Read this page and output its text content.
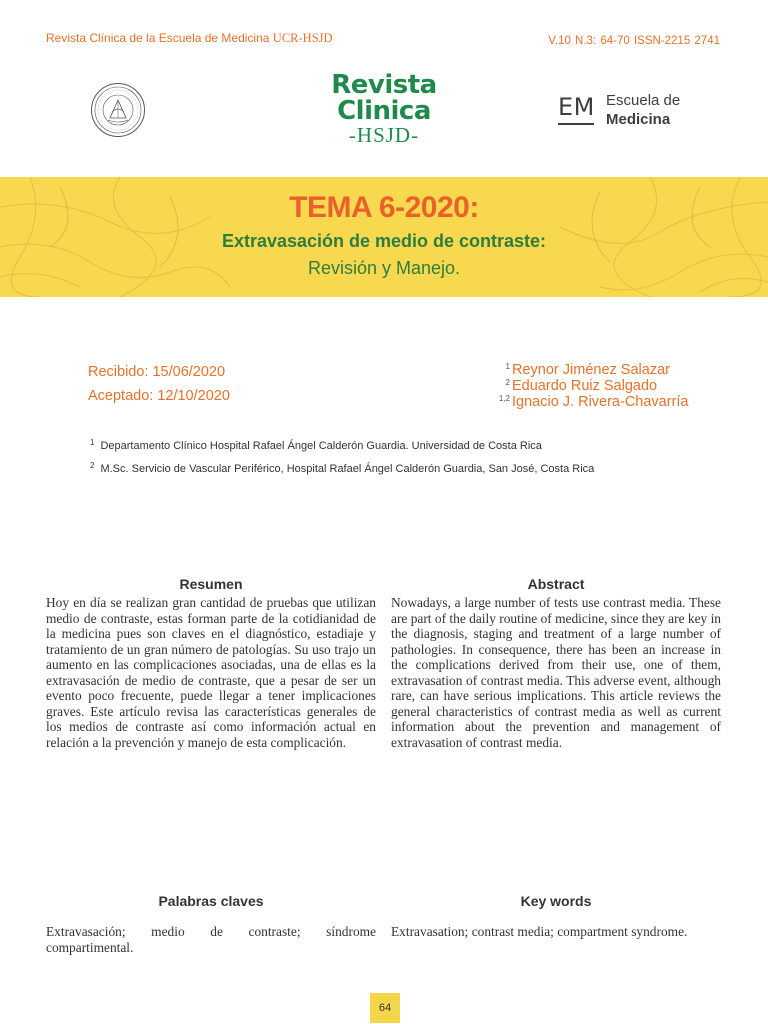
Revista Clínica de la Escuela de Medicina UCR-HSJD	V.10 N.3: 64-70 ISSN-2215 2741
Revista
Clinica
-HSJD-
EM Escuela de
Medicina
TEMA 6-2020:
Extravasación de medio de contraste:
Revisión y Manejo.
Recibido: 15/06/2020
Aceptado: 12/10/2020
1 Reynor Jiménez Salazar
2 Eduardo Ruiz Salgado
1,2 Ignacio J. Rivera-Chavarría
$^1$ Departamento Clínico Hospital Rafael Ángel Calderón Guardia. Universidad de Costa Rica
$^2$ M.Sc. Servicio de Vascular Periférico, Hospital Rafael Ángel Calderón Guardia, San José, Costa Rica
Resumen
Hoy en día se realizan gran cantidad de pruebas que utilizan medio de contraste, estas forman parte de la cotidianidad de la medicina pues son claves en el diagnóstico, estadiaje y tratamiento de un gran número de patologías. Su uso trajo un aumento en las complicaciones asociadas, una de ellas es la extravasación de medio de contraste, que a pesar de ser un evento poco frecuente, puede llegar a tener implicaciones graves. Este artículo revisa las características generales de los medios de contraste así como información actual en relación a la prevención y manejo de esta complicación.
Abstract
Nowadays, a large number of tests use contrast media. These are part of the daily routine of medicine, since they are key in the diagnosis, staging and treatment of a large number of pathologies. In consequence, there has been an increase in the complications derived from their use, one of them, extravasation of contrast media. This adverse event, although rare, can have serious implications. This article reviews the general characteristics of contrast media as well as current information about the prevention and management of extravasation of contrast media.
Palabras claves
Extravasación; medio de contraste; síndrome compartimental.
Key words
Extravasation; contrast media; compartment syndrome.
64
